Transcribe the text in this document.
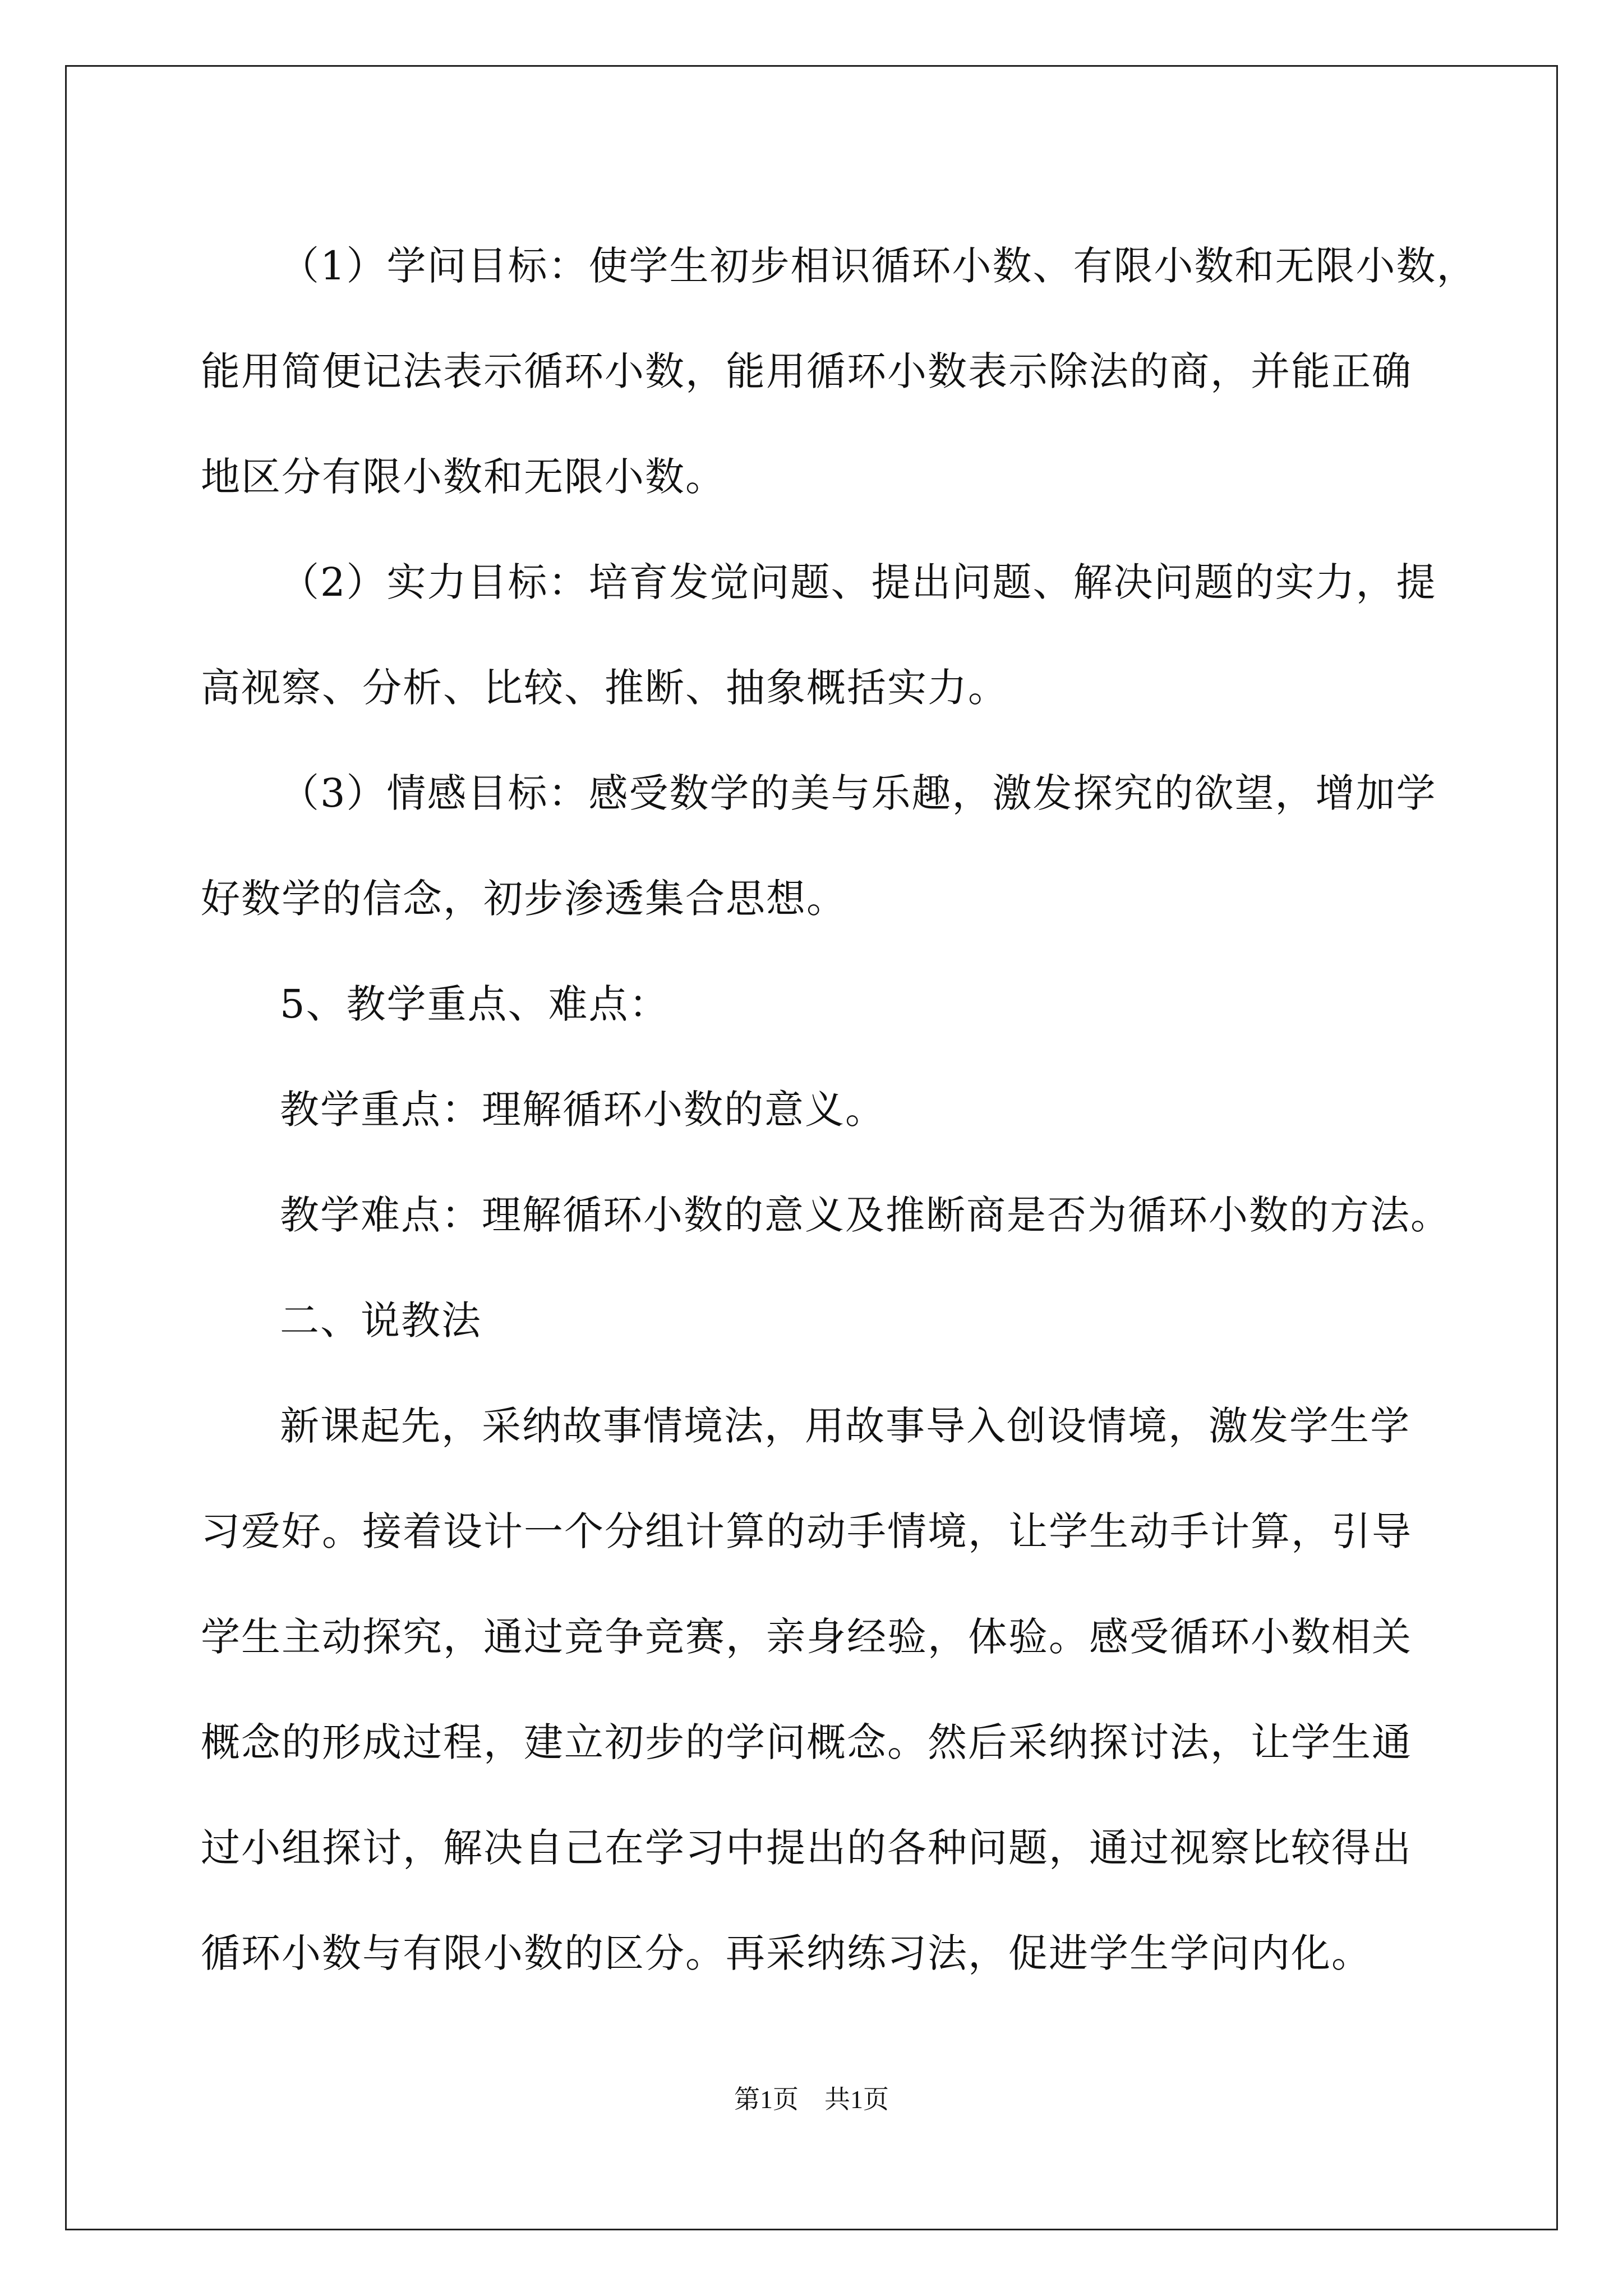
（1）学问目标：使学生初步相识循环小数、有限小数和无限小数，

能用简便记法表示循环小数，能用循环小数表示除法的商，并能正确

地区分有限小数和无限小数。

（2）实力目标：培育发觉问题、提出问题、解决问题的实力，提

高视察、分析、比较、推断、抽象概括实力。

（3）情感目标：感受数学的美与乐趣，激发探究的欲望，增加学

好数学的信念，初步渗透集合思想。

5、教学重点、难点：

教学重点：理解循环小数的意义。

教学难点：理解循环小数的意义及推断商是否为循环小数的方法。

二、说教法

新课起先，采纳故事情境法，用故事导入创设情境，激发学生学

习爱好。接着设计一个分组计算的动手情境，让学生动手计算，引导

学生主动探究，通过竞争竞赛，亲身经验，体验。感受循环小数相关

概念的形成过程，建立初步的学问概念。然后采纳探讨法，让学生通

过小组探讨，解决自己在学习中提出的各种问题，通过视察比较得出

循环小数与有限小数的区分。再采纳练习法，促进学生学问内化。

第1页　共1页
